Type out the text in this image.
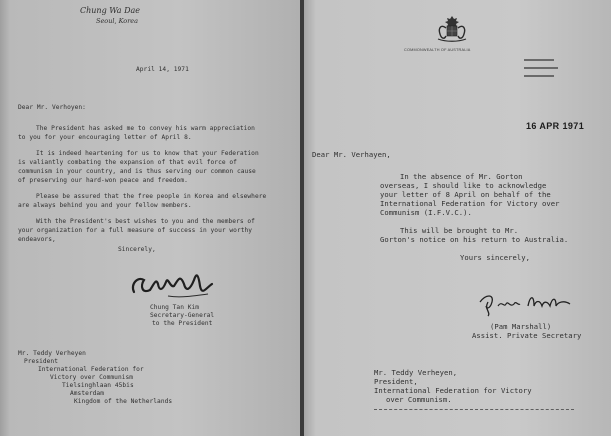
Chung Wa Dae
Seoul, Korea
April 14, 1971
Dear Mr. Verhoyen:
The President has asked me to convey his warm appreciation
to you for your encouraging letter of April 8.
It is indeed heartening for us to know that your Federation
is valiantly combating the expansion of that evil force of
communism in your country, and is thus serving our common cause
of preserving our hard-won peace and freedom.
Please be assured that the free people in Korea and elsewhere
are always behind you and your fellow members.
With the President's best wishes to you and the members of
your organization for a full measure of success in your worthy
endeavors,
Sincerely,
Chung Tan Kim
Secretary-General
to the President
Mr. Teddy Verheyen
President
International Federation for
Victory over Communism
Tielsinghlaan 45bis
Amsterdam
Kingdom of the Netherlands
COMMONWEALTH OF AUSTRALIA
16 APR 1971
Dear Mr. Verhayen,
In the absence of Mr. Gorton
overseas, I should like to acknowledge
your letter of 8 April on behalf of the
International Federation for Victory over
Communism (I.F.V.C.).
This will be brought to Mr.
Gorton's notice on his return to Australia.
Yours sincerely,
(Pam Marshall)
Assist. Private Secretary
Mr. Teddy Verheyen,
President,
International Federation for Victory
over Communism.
